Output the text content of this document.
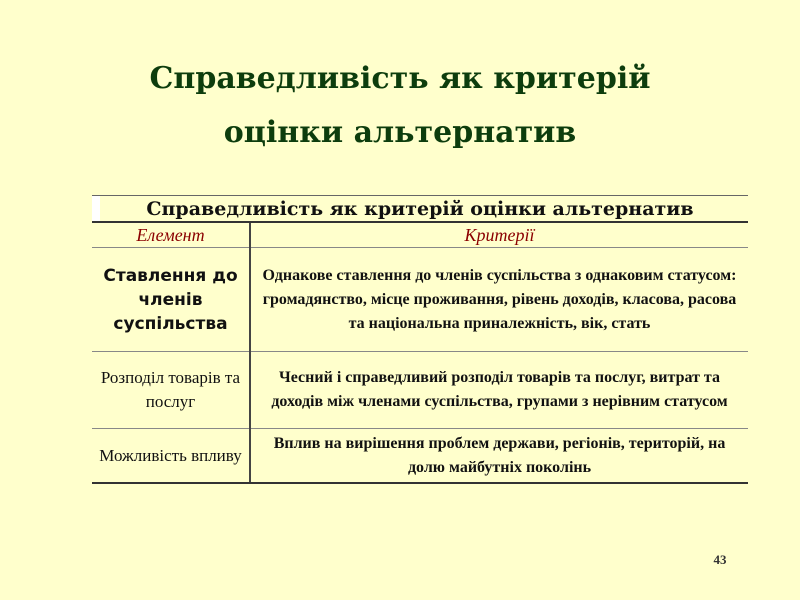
Справедливість як критерій
оцінки альтернатив
Справедливість як критерій оцінки альтернатив	
Елемент	Критерії
Ставлення до членів суспільства	Однакове ставлення до членів суспільства з однаковим статусом: громадянство, місце проживання, рівень доходів, класова, расова та національна приналежність, вік, стать
Розподіл товарів та послуг	Чесний і справедливий розподіл товарів та послуг, витрат та доходів між членами суспільства, групами з нерівним статусом
Можливість впливу	Вплив на вирішення проблем держави, регіонів, територій, на долю майбутніх поколінь
43
